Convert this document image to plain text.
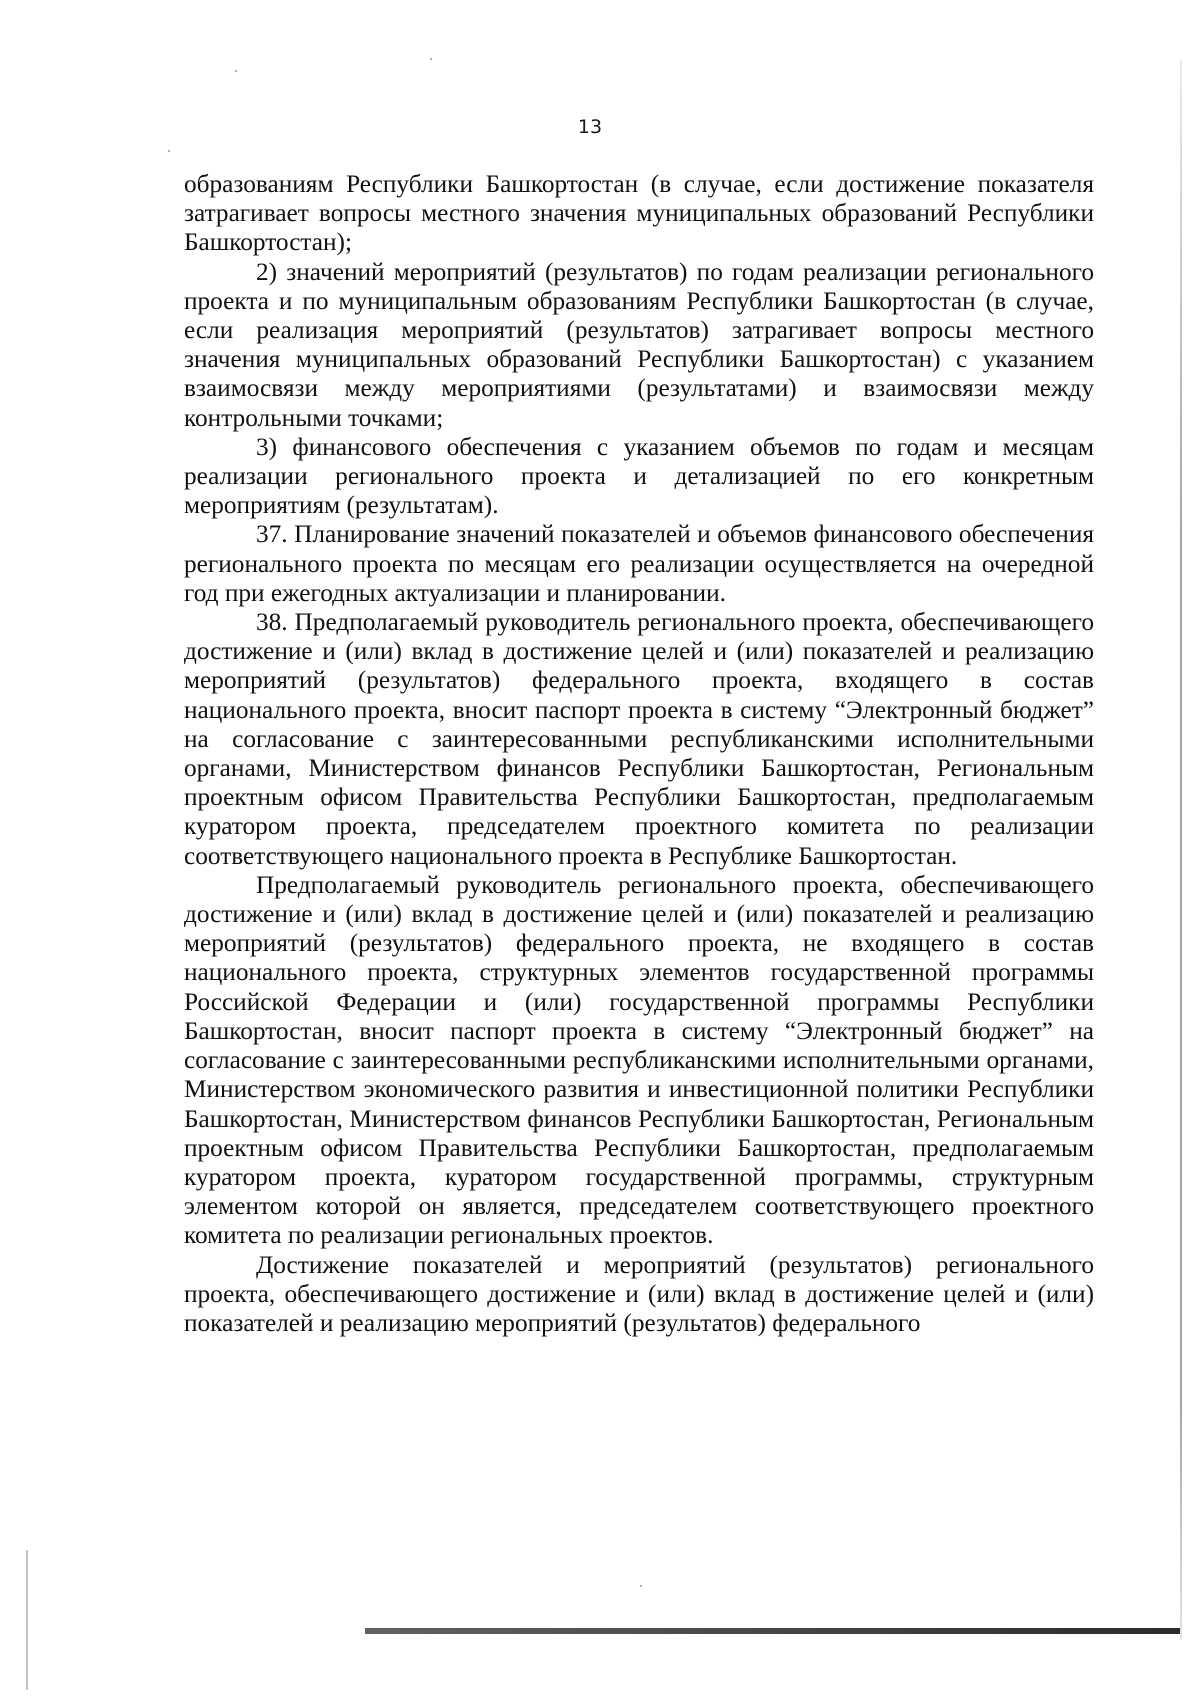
13

образованиям Республики Башкортостан (в случае, если достижение показателя затрагивает вопросы местного значения муниципальных образований Республики Башкортостан);

2) значений мероприятий (результатов) по годам реализации регионального проекта и по муниципальным образованиям Республики Башкортостан (в случае, если реализация мероприятий (результатов) затрагивает вопросы местного значения муниципальных образований Республики Башкортостан) с указанием взаимосвязи между мероприятиями (результатами) и взаимосвязи между контрольными точками;

3) финансового обеспечения с указанием объемов по годам и месяцам реализации регионального проекта и детализацией по его конкретным мероприятиям (результатам).

37. Планирование значений показателей и объемов финансового обеспечения регионального проекта по месяцам его реализации осуществляется на очередной год при ежегодных актуализации и планировании.

38. Предполагаемый руководитель регионального проекта, обеспечивающего достижение и (или) вклад в достижение целей и (или) показателей и реализацию мероприятий (результатов) федерального проекта, входящего в состав национального проекта, вносит паспорт проекта в систему “Электронный бюджет” на согласование с заинтересованными республиканскими исполнительными органами, Министерством финансов Республики Башкортостан, Региональным проектным офисом Правительства Республики Башкортостан, предполагаемым куратором проекта, председателем проектного комитета по реализации соответствующего национального проекта в Республике Башкортостан.

Предполагаемый руководитель регионального проекта, обеспечивающего достижение и (или) вклад в достижение целей и (или) показателей и реализацию мероприятий (результатов) федерального проекта, не входящего в состав национального проекта, структурных элементов государственной программы Российской Федерации и (или) государственной программы Республики Башкортостан, вносит паспорт проекта в систему “Электронный бюджет” на согласование с заинтересованными республиканскими исполнительными органами, Министерством экономического развития и инвестиционной политики Республики Башкортостан, Министерством финансов Республики Башкортостан, Региональным проектным офисом Правительства Республики Башкортостан, предполагаемым куратором проекта, куратором государственной программы, структурным элементом которой он является, председателем соответствующего проектного комитета по реализации региональных проектов.

Достижение показателей и мероприятий (результатов) регионального проекта, обеспечивающего достижение и (или) вклад в достижение целей и (или) показателей и реализацию мероприятий (результатов) федерального
